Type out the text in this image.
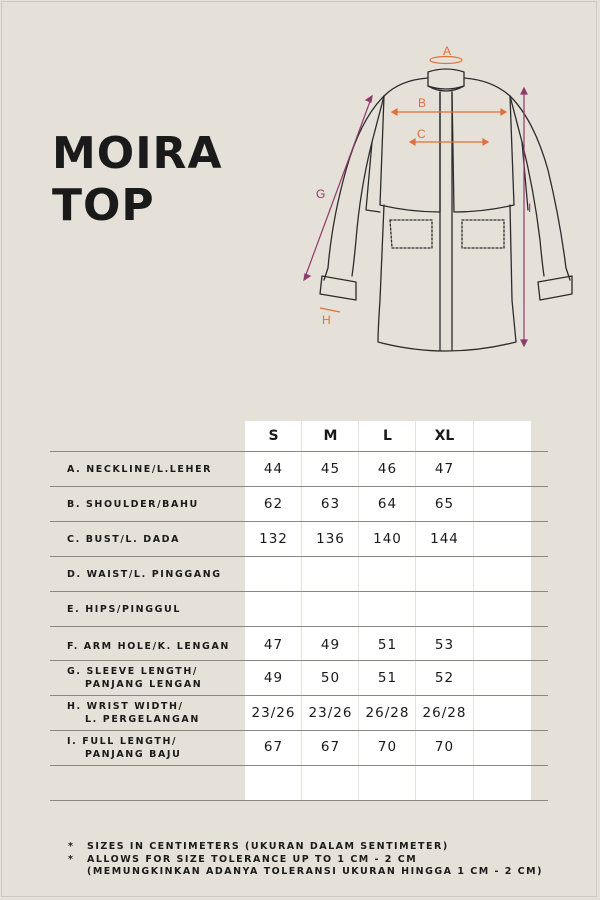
MOIRA
TOP
A
B
C
G
H
I
S	M	L	XL
A. NECKLINE/L.LEHER	44	45	46	47
B. SHOULDER/BAHU	62	63	64	65
C. BUST/L. DADA	132	136	140	144
D. WAIST/L. PINGGANG
E. HIPS/PINGGUL
F. ARM HOLE/K. LENGAN	47	49	51	53
G. SLEEVE LENGTH/
PANJANG LENGAN	49	50	51	52
H. WRIST WIDTH/
L. PERGELANGAN	23/26 23/26 26/28 26/28
I. FULL LENGTH/
PANJANG BAJU	67	67	70	70
* SIZES IN CENTIMETERS (UKURAN DALAM SENTIMETER)
* ALLOWS FOR SIZE TOLERANCE UP TO 1 CM - 2 CM
(MEMUNGKINKAN ADANYA TOLERANSI UKURAN HINGGA 1 CM - 2 CM)
